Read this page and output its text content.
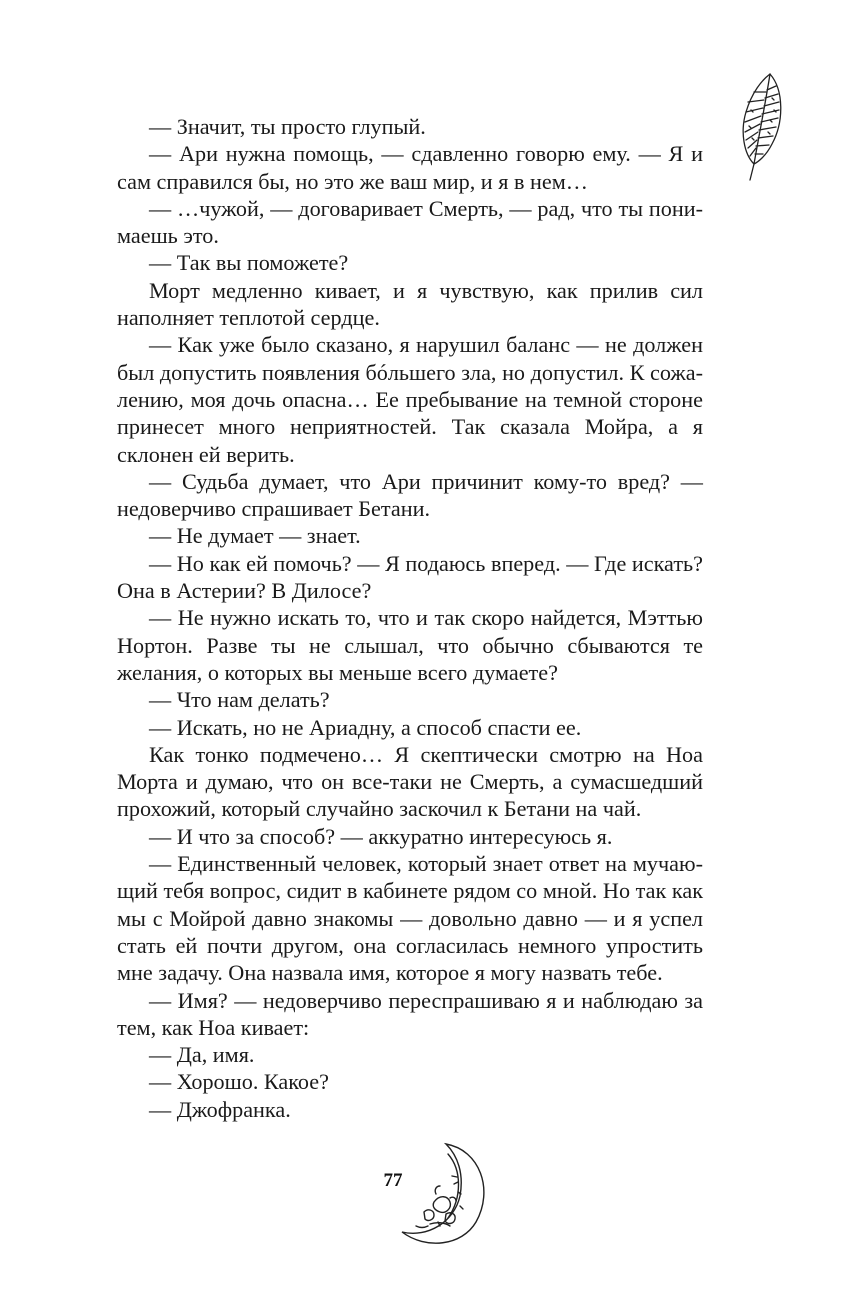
— Значит, ты просто глупый.

— Ари нужна помощь, — сдавленно говорю ему. — Я и сам справился бы, но это же ваш мир, и я в нем…

— …чужой, — договаривает Смерть, — рад, что ты понимаешь это.

— Так вы поможете?

Морт медленно кивает, и я чувствую, как прилив сил наполняет теплотой сердце.

— Как уже было сказано, я нарушил баланс — не должен был допустить появления бóльшего зла, но допустил. К сожалению, моя дочь опасна… Ее пребывание на темной стороне принесет много неприятностей. Так сказала Мойра, а я склонен ей верить.

— Судьба думает, что Ари причинит кому-то вред? — недоверчиво спрашивает Бетани.

— Не думает — знает.

— Но как ей помочь? — Я подаюсь вперед. — Где искать? Она в Астерии? В Дилосе?

— Не нужно искать то, что и так скоро найдется, Мэттью Нортон. Разве ты не слышал, что обычно сбываются те желания, о которых вы меньше всего думаете?

— Что нам делать?

— Искать, но не Ариадну, а способ спасти ее.

Как тонко подмечено… Я скептически смотрю на Ноа Морта и думаю, что он все-таки не Смерть, а сумасшедший прохожий, который случайно заскочил к Бетани на чай.

— И что за способ? — аккуратно интересуюсь я.

— Единственный человек, который знает ответ на мучающий тебя вопрос, сидит в кабинете рядом со мной. Но так как мы с Мойрой давно знакомы — довольно давно — и я успел стать ей почти другом, она согласилась немного упростить мне задачу. Она назвала имя, которое я могу назвать тебе.

— Имя? — недоверчиво переспрашиваю я и наблюдаю за тем, как Ноа кивает:

— Да, имя.

— Хорошо. Какое?

— Джофранка.

77
